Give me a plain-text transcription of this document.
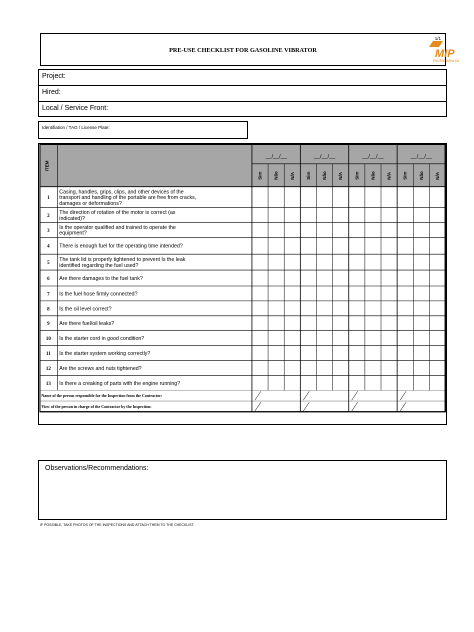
PRE-USE CHECKLIST FOR GASOLINE VIBRATOR
1/1
MIP
ENGENHARIA SA
Project:
Hired:
Local / Service Front:
Identifiation / TAG / License Plate:
ITEM
__/__/__
Sim Não N/A
__/__/__
Sim Não N/A
__/__/__
Sim Não N/A
__/__/__
Sim Não N/A
1
Casing, handles, grips, clips, and other devices of the transport and handling of the portable are free from cracks, damages or deformations?
2
The direction of rotation of the motor is correct (as indicated)?
3
Is the operator qualified and trained to operate the equipment?
4 There is enough fuel for the operating time intended?
5
The tank lid is properly tightened to prevent Is the leak identified regarding the fuel used?
6 Are there damages to the fuel tank?
7 Is the fuel hose firmly connected?
8 Is the oil level correct?
9 Are there fuel/oil leaks?
10 Is the starter cord in good condition?
11 Is the starter system working correctly?
12 Are the screws and nuts tightened?
13 Is there a creaking of parts with the engine running?
Name of the person responsible for the Inspection from the Contractor:
View of the person in charge of the Contractor by the Inspection:
Observations/Recommendations:
IF POSSIBLE, TAKE PHOTOS OF THE INSPECTIONS AND ATTACH THEM TO THE CHECKLIST.
